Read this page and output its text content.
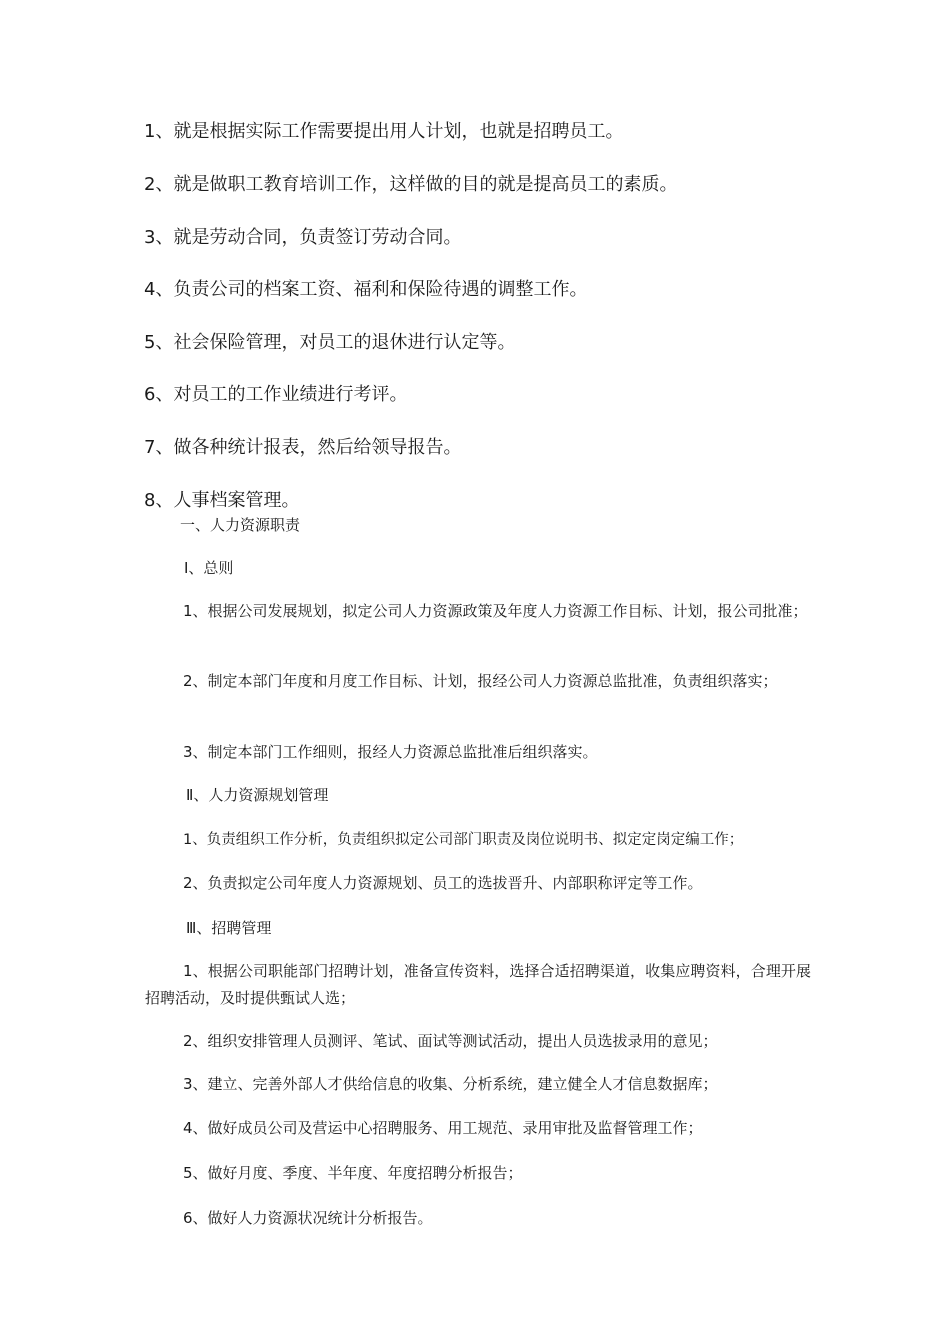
1、就是根据实际工作需要提出用人计划，也就是招聘员工。
2、就是做职工教育培训工作，这样做的目的就是提高员工的素质。
3、就是劳动合同，负责签订劳动合同。
4、负责公司的档案工资、福利和保险待遇的调整工作。
5、社会保险管理，对员工的退休进行认定等。
6、对员工的工作业绩进行考评。
7、做各种统计报表，然后给领导报告。
8、人事档案管理。
一、人力资源职责
Ⅰ、总则
1、根据公司发展规划，拟定公司人力资源政策及年度人力资源工作目标、计划，报公司批准；
2、制定本部门年度和月度工作目标、计划，报经公司人力资源总监批准，负责组织落实；
3、制定本部门工作细则，报经人力资源总监批准后组织落实。
Ⅱ、人力资源规划管理
1、负责组织工作分析，负责组织拟定公司部门职责及岗位说明书、拟定定岗定编工作；
2、负责拟定公司年度人力资源规划、员工的选拔晋升、内部职称评定等工作。
Ⅲ、招聘管理
1、根据公司职能部门招聘计划，准备宣传资料，选择合适招聘渠道，收集应聘资料，合理开展招聘活动，及时提供甄试人选；
2、组织安排管理人员测评、笔试、面试等测试活动，提出人员选拔录用的意见；
3、建立、完善外部人才供给信息的收集、分析系统，建立健全人才信息数据库；
4、做好成员公司及营运中心招聘服务、用工规范、录用审批及监督管理工作；
5、做好月度、季度、半年度、年度招聘分析报告；
6、做好人力资源状况统计分析报告。
